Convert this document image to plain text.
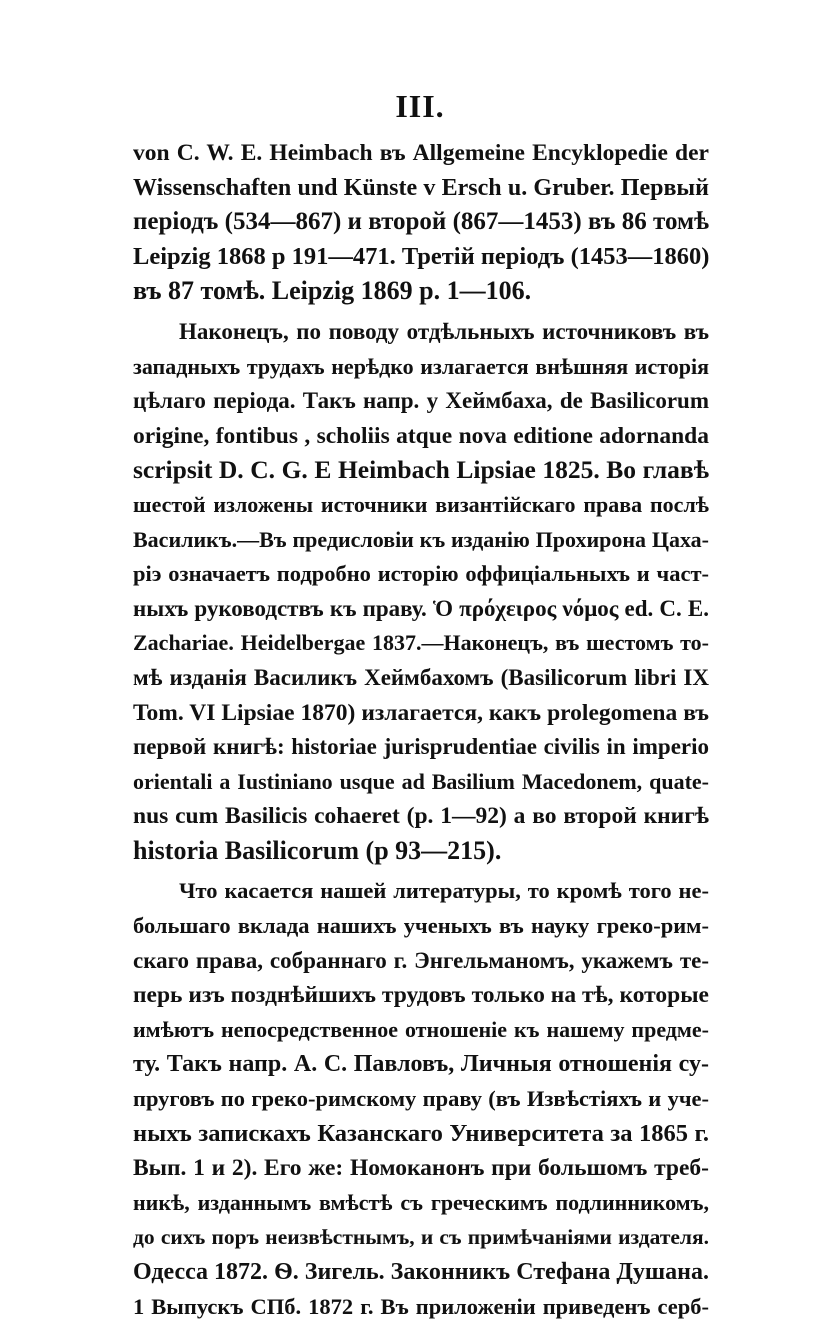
III.
von C. W. E. Heimbach въ Allgemeine Encyklopedie der
Wissenschaften und Künste v Ersch u. Gruber. Первый
періодъ (534—867) и второй (867—1453) въ 86 томѣ
Leipzig 1868 p 191—471. Третій періодъ (1453—1860)
въ 87 томѣ. Leipzig 1869 p. 1—106.
Наконецъ, по поводу отдѣльныхъ источниковъ въ
западныхъ трудахъ нерѣдко излагается внѣшняя исторія
цѣлаго періода. Такъ напр. у Хеймбаха, de Basilicorum
origine, fontibus , scholiis atque nova editione adornanda
scripsit D. C. G. E Heimbach Lipsiae 1825. Во главѣ
шестой изложены источники византійскаго права послѣ
Василикъ.—Въ предисловіи къ изданію Прохирона Цаха-
ріэ означаетъ подробно исторію оффиціальныхъ и част-
ныхъ руководствъ къ праву. Ὁ πρόχειρος νόμος ed. C. E.
Zachariae. Heidelbergae 1837.—Наконецъ, въ шестомъ то-
мѣ изданія Василикъ Хеймбахомъ (Basilicorum libri IX
Tom. VI Lipsiae 1870) излагается, какъ prolegomena въ
первой книгѣ: historiae jurisprudentiae civilis in imperio
orientali a Iustiniano usque ad Basilium Macedonem, quate-
nus cum Basilicis cohaeret (p. 1—92) а во второй книгѣ
historia Basilicorum (p 93—215).
Что касается нашей литературы, то кромѣ того не-
большаго вклада нашихъ ученыхъ въ науку греко-рим-
скаго права, собраннаго г. Энгельманомъ, укажемъ те-
перь изъ позднѣйшихъ трудовъ только на тѣ, которые
имѣютъ непосредственное отношеніе къ нашему предме-
ту. Такъ напр. А. С. Павловъ, Личныя отношенія су-
пруговъ по греко-римскому праву (въ Извѣстіяхъ и уче-
ныхъ запискахъ Казанскаго Университета за 1865 г.
Вып. 1 и 2). Его же: Номоканонъ при большомъ треб-
никѣ, изданнымъ вмѣстѣ съ греческимъ подлинникомъ,
до сихъ поръ неизвѣстнымъ, и съ примѣчаніями издателя.
Одесса 1872. Ѳ. Зигель. Законникъ Стефана Душана.
1 Выпускъ СПб. 1872 г. Въ приложеніи приведенъ серб-
